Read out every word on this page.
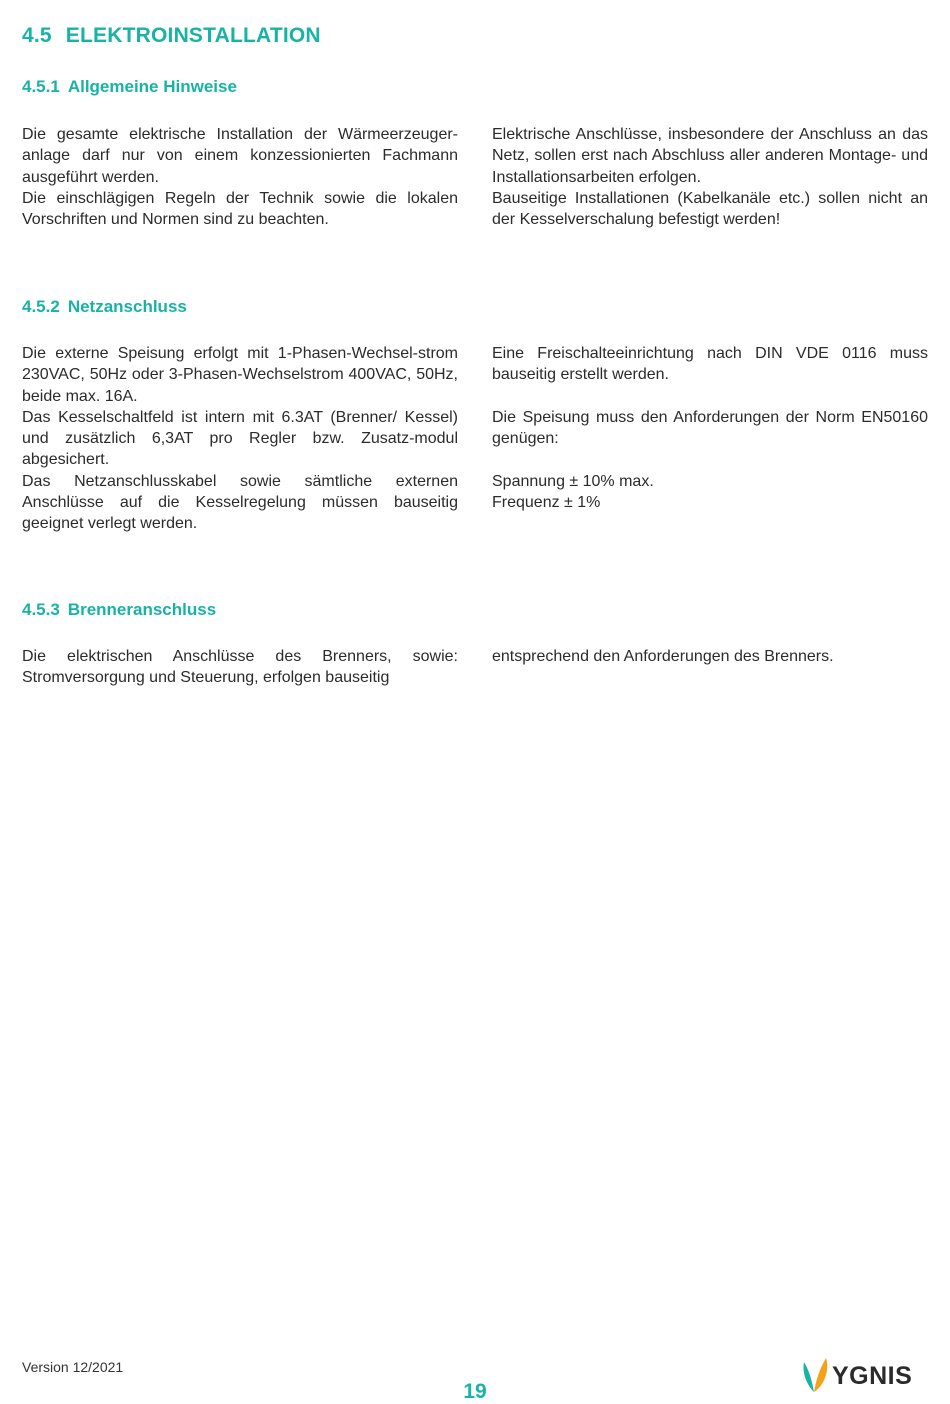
4.5 ELEKTROINSTALLATION
4.5.1 Allgemeine Hinweise

Die gesamte elektrische Installation der Wärmeerzeuger-anlage darf nur von einem konzessionierten Fachmann ausgeführt werden.

Die einschlägigen Regeln der Technik sowie die lokalen Vorschriften und Normen sind zu beachten.

Elektrische Anschlüsse, insbesondere der Anschluss an das Netz, sollen erst nach Abschluss aller anderen Montage- und Installationsarbeiten erfolgen.

Bauseitige Installationen (Kabelkanäle etc.) sollen nicht an der Kesselverschalung befestigt werden!

4.5.2 Netzanschluss

Die externe Speisung erfolgt mit 1-Phasen-Wechsel-strom 230VAC, 50Hz oder 3-Phasen-Wechselstrom 400VAC, 50Hz, beide max. 16A.

Das Kesselschaltfeld ist intern mit 6.3AT (Brenner/ Kessel) und zusätzlich 6,3AT pro Regler bzw. Zusatz-modul abgesichert.

Das Netzanschlusskabel sowie sämtliche externen Anschlüsse auf die Kesselregelung müssen bauseitig geeignet verlegt werden.

Eine Freischalteeinrichtung nach DIN VDE 0116 muss bauseitig erstellt werden.

Die Speisung muss den Anforderungen der Norm EN50160 genügen:

Spannung ± 10% max.

Frequenz ± 1%

4.5.3 Brenneranschluss

Die elektrischen Anschlüsse des Brenners, sowie: Stromversorgung und Steuerung, erfolgen bauseitig

entsprechend den Anforderungen des Brenners.

Version 12/2021
19
YGNIS
